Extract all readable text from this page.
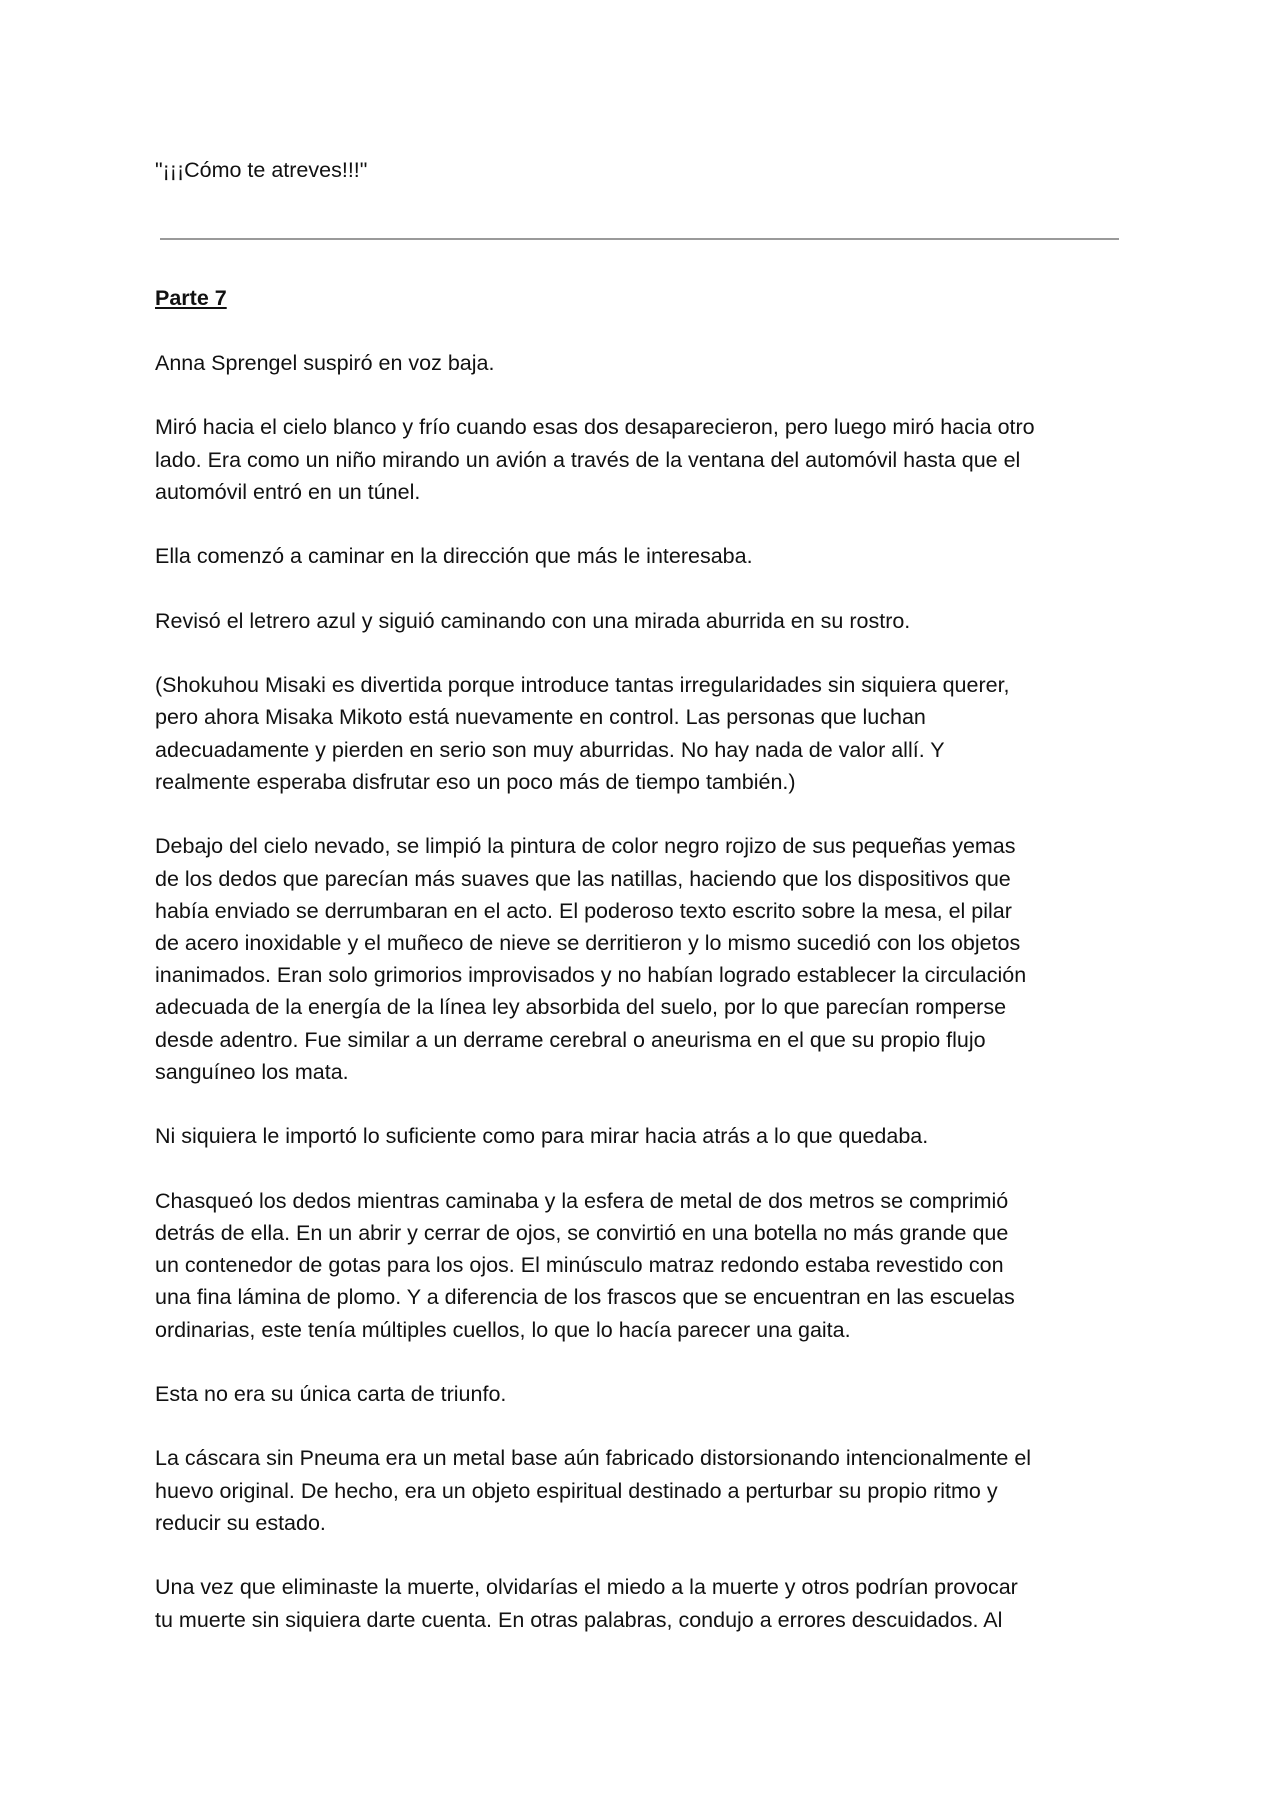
"¡¡¡Cómo te atreves!!!"
Parte 7
Anna Sprengel suspiró en voz baja.
Miró hacia el cielo blanco y frío cuando esas dos desaparecieron, pero luego miró hacia otro
lado. Era como un niño mirando un avión a través de la ventana del automóvil hasta que el
automóvil entró en un túnel.
Ella comenzó a caminar en la dirección que más le interesaba.
Revisó el letrero azul y siguió caminando con una mirada aburrida en su rostro.
(Shokuhou Misaki es divertida porque introduce tantas irregularidades sin siquiera querer,
pero ahora Misaka Mikoto está nuevamente en control. Las personas que luchan
adecuadamente y pierden en serio son muy aburridas. No hay nada de valor allí. Y
realmente esperaba disfrutar eso un poco más de tiempo también.)
Debajo del cielo nevado, se limpió la pintura de color negro rojizo de sus pequeñas yemas
de los dedos que parecían más suaves que las natillas, haciendo que los dispositivos que
había enviado se derrumbaran en el acto. El poderoso texto escrito sobre la mesa, el pilar
de acero inoxidable y el muñeco de nieve se derritieron y lo mismo sucedió con los objetos
inanimados. Eran solo grimorios improvisados y no habían logrado establecer la circulación
adecuada de la energía de la línea ley absorbida del suelo, por lo que parecían romperse
desde adentro. Fue similar a un derrame cerebral o aneurisma en el que su propio flujo
sanguíneo los mata.
Ni siquiera le importó lo suficiente como para mirar hacia atrás a lo que quedaba.
Chasqueó los dedos mientras caminaba y la esfera de metal de dos metros se comprimió
detrás de ella. En un abrir y cerrar de ojos, se convirtió en una botella no más grande que
un contenedor de gotas para los ojos. El minúsculo matraz redondo estaba revestido con
una fina lámina de plomo. Y a diferencia de los frascos que se encuentran en las escuelas
ordinarias, este tenía múltiples cuellos, lo que lo hacía parecer una gaita.
Esta no era su única carta de triunfo.
La cáscara sin Pneuma era un metal base aún fabricado distorsionando intencionalmente el
huevo original. De hecho, era un objeto espiritual destinado a perturbar su propio ritmo y
reducir su estado.
Una vez que eliminaste la muerte, olvidarías el miedo a la muerte y otros podrían provocar
tu muerte sin siquiera darte cuenta. En otras palabras, condujo a errores descuidados. Al
